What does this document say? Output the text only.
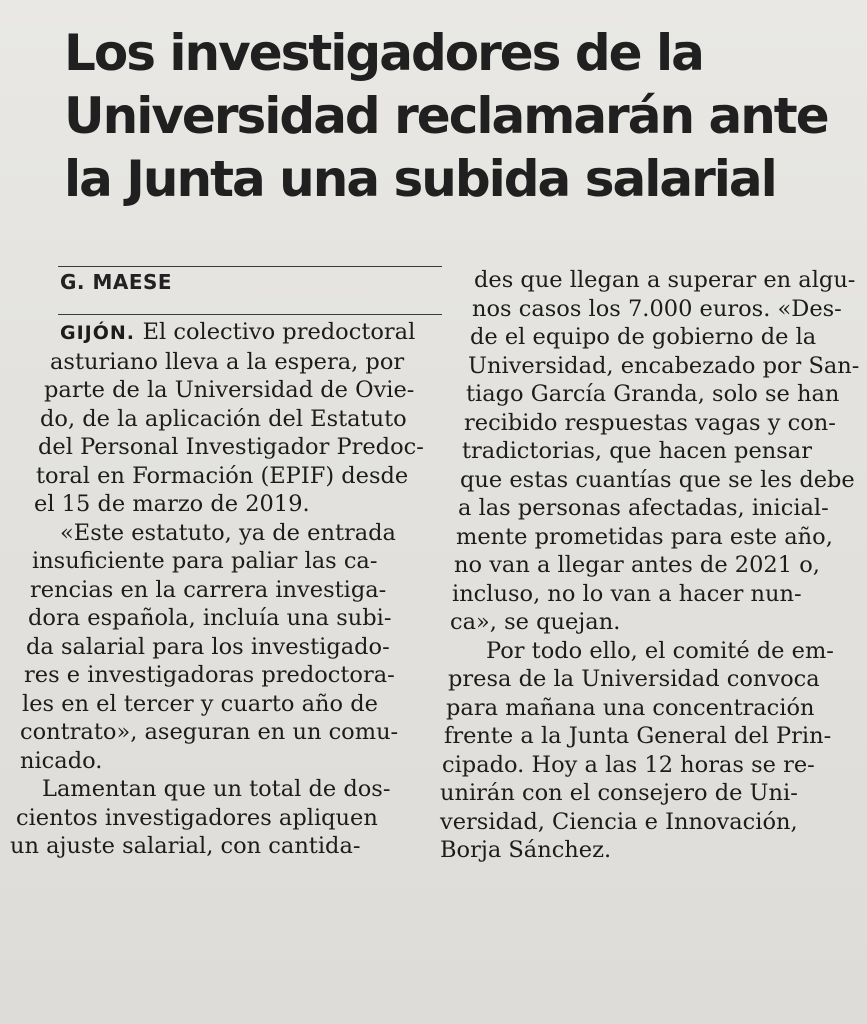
Los investigadores de la
Universidad reclamarán ante
la Junta una subida salarial
G. MAESE
GIJÓN. El colectivo predoctoral
asturiano lleva a la espera, por
parte de la Universidad de Ovie-
do, de la aplicación del Estatuto
del Personal Investigador Predoc-
toral en Formación (EPIF) desde
el 15 de marzo de 2019.
«Este estatuto, ya de entrada
insuficiente para paliar las ca-
rencias en la carrera investiga-
dora española, incluía una subi-
da salarial para los investigado-
res e investigadoras predoctora-
les en el tercer y cuarto año de
contrato», aseguran en un comu-
nicado.
Lamentan que un total de dos-
cientos investigadores apliquen
un ajuste salarial, con cantida-
des que llegan a superar en algu-
nos casos los 7.000 euros. «Des-
de el equipo de gobierno de la
Universidad, encabezado por San-
tiago García Granda, solo se han
recibido respuestas vagas y con-
tradictorias, que hacen pensar
que estas cuantías que se les debe
a las personas afectadas, inicial-
mente prometidas para este año,
no van a llegar antes de 2021 o,
incluso, no lo van a hacer nun-
ca», se quejan.
Por todo ello, el comité de em-
presa de la Universidad convoca
para mañana una concentración
frente a la Junta General del Prin-
cipado. Hoy a las 12 horas se re-
unirán con el consejero de Uni-
versidad, Ciencia e Innovación,
Borja Sánchez.
